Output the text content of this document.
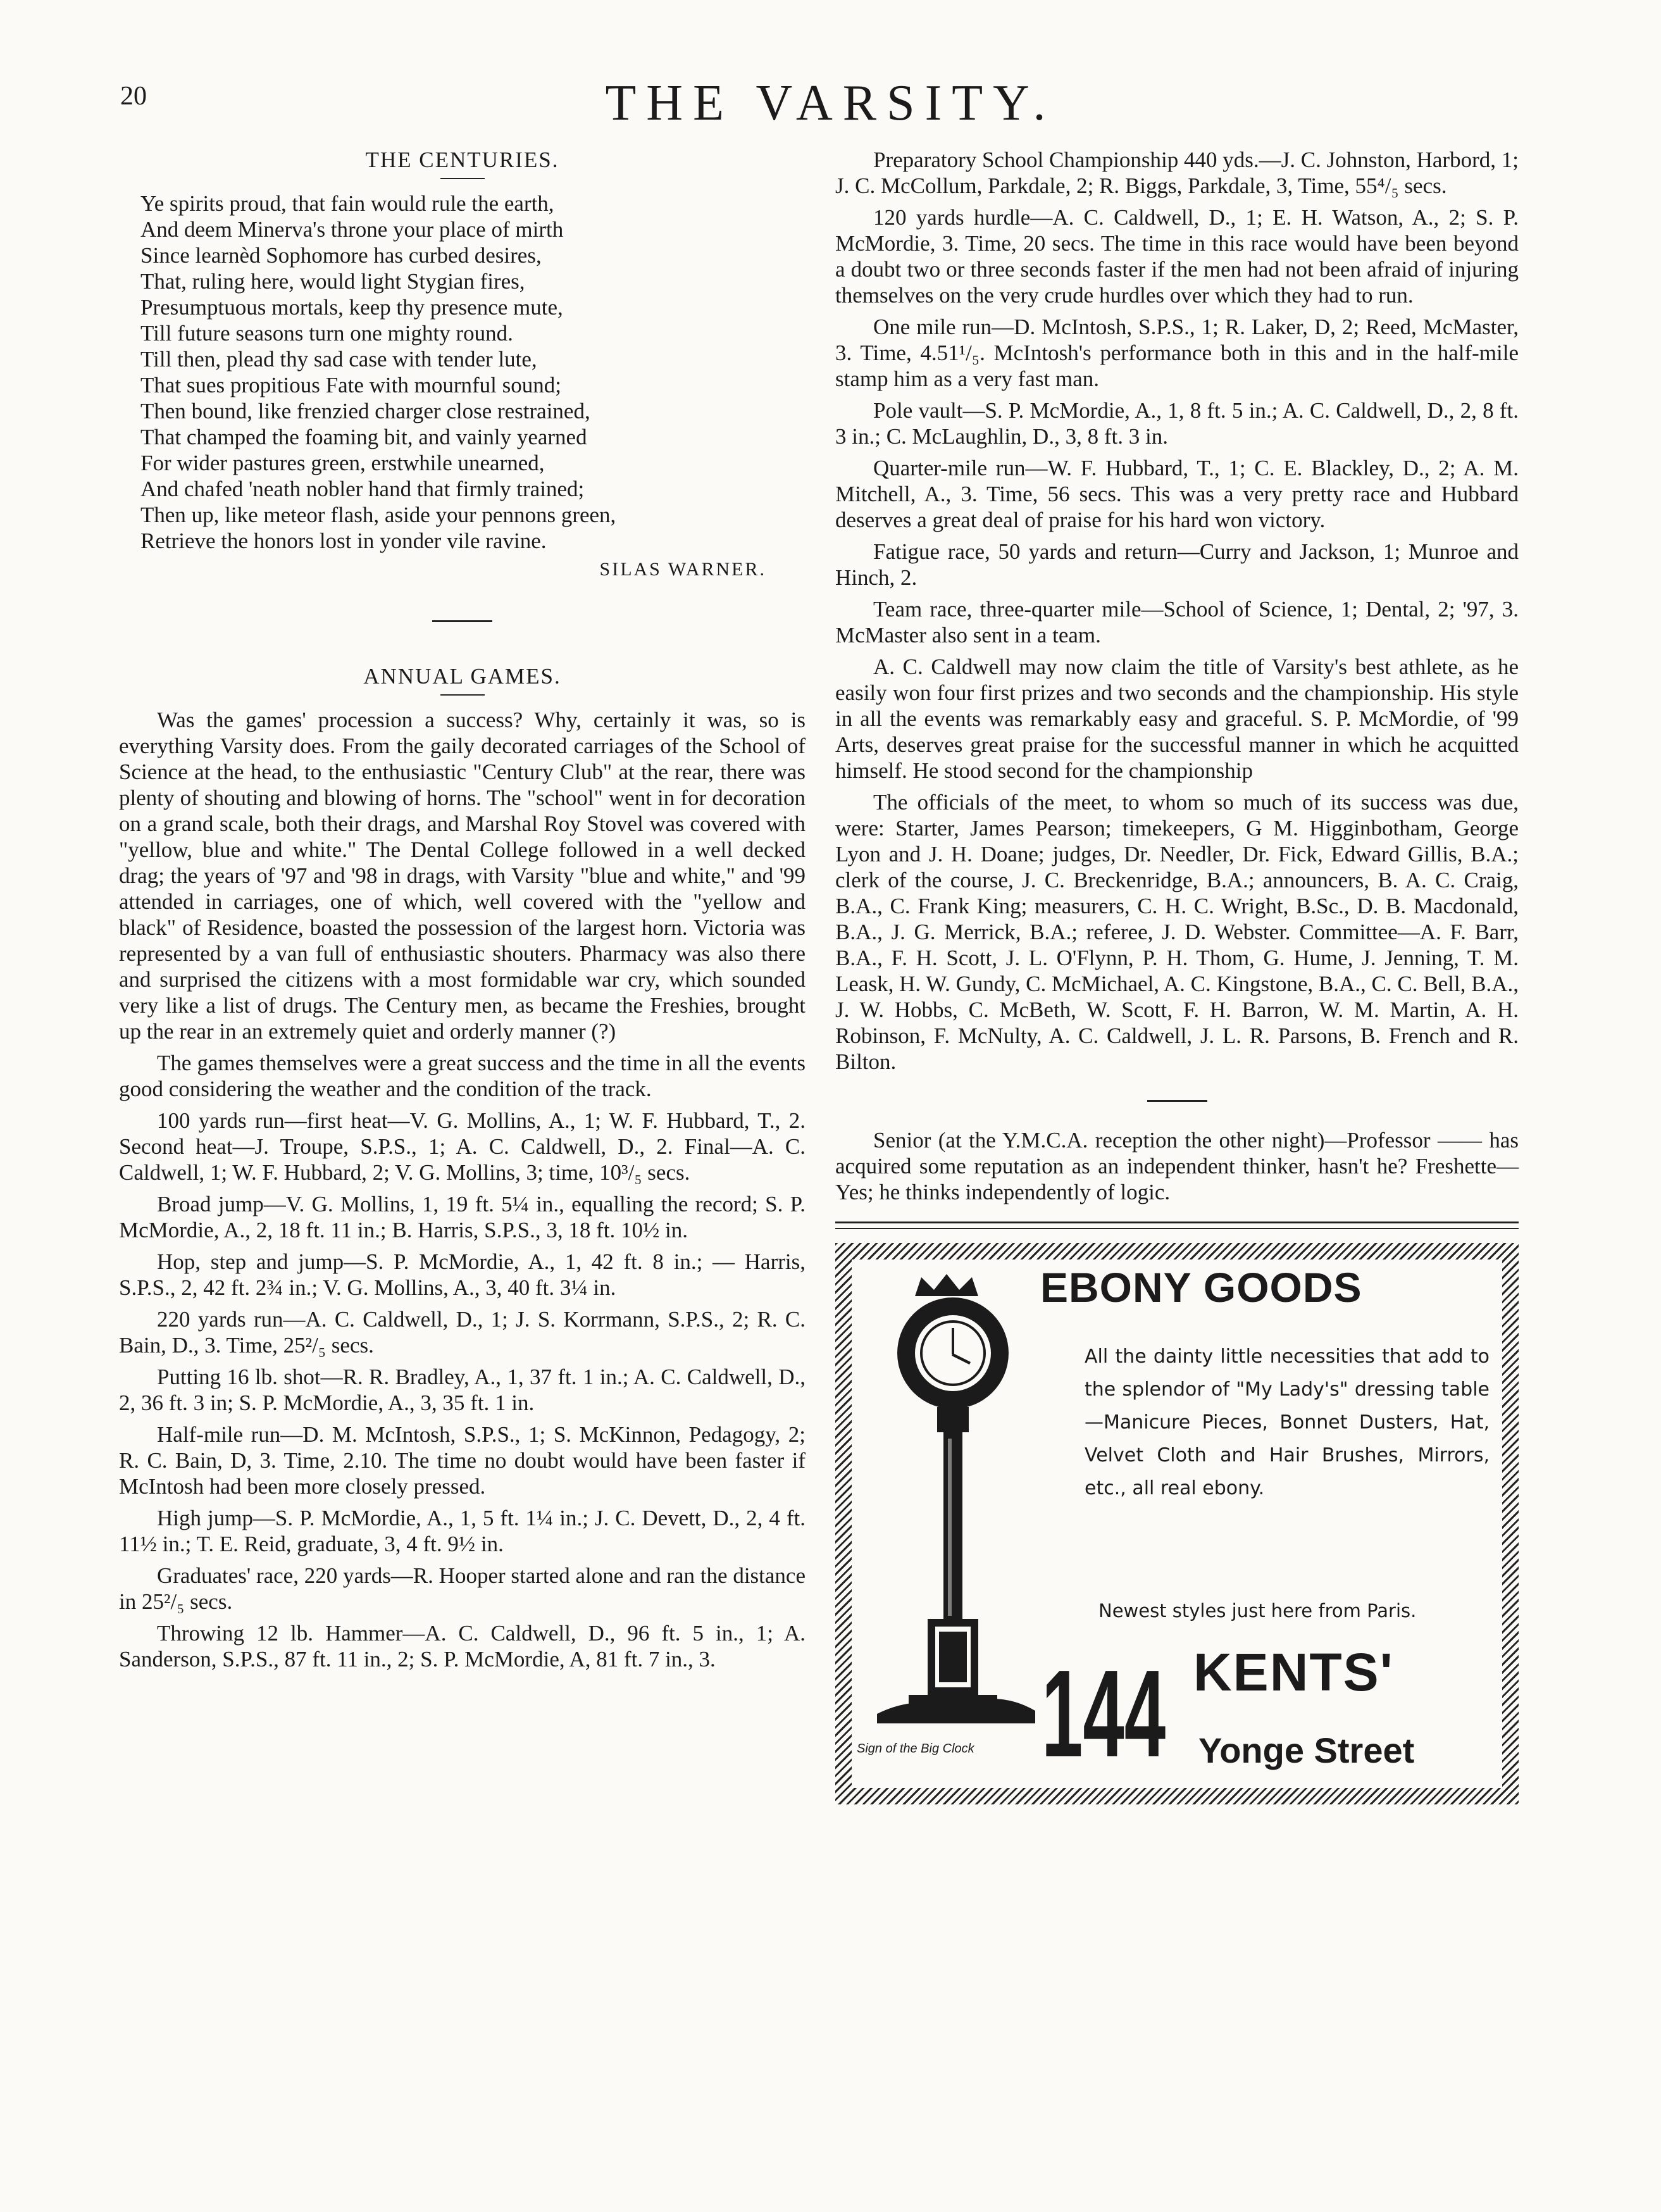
20	THE VARSITY.
THE CENTURIES.
Ye spirits proud, that fain would rule the earth,
And deem Minerva's throne your place of mirth
Since learnèd Sophomore has curbed desires,
That, ruling here, would light Stygian fires,
Presumptuous mortals, keep thy presence mute,
Till future seasons turn one mighty round.
Till then, plead thy sad case with tender lute,
That sues propitious Fate with mournful sound;
Then bound, like frenzied charger close restrained,
That champed the foaming bit, and vainly yearned
For wider pastures green, erstwhile unearned,
And chafed 'neath nobler hand that firmly trained;
Then up, like meteor flash, aside your pennons green,
Retrieve the honors lost in yonder vile ravine.
SILAS WARNER.
ANNUAL GAMES.

Was the games' procession a success? Why, certainly it was, so is everything Varsity does. From the gaily decorated carriages of the School of Science at the head, to the enthusiastic "Century Club" at the rear, there was plenty of shouting and blowing of horns. The "school" went in for decoration on a grand scale, both their drags, and Marshal Roy Stovel was covered with "yellow, blue and white." The Dental College followed in a well decked drag; the years of '97 and '98 in drags, with Varsity "blue and white," and '99 attended in carriages, one of which, well covered with the "yellow and black" of Residence, boasted the possession of the largest horn. Victoria was represented by a van full of enthusiastic shouters. Pharmacy was also there and surprised the citizens with a most formidable war cry, which sounded very like a list of drugs. The Century men, as became the Freshies, brought up the rear in an extremely quiet and orderly manner (?)

The games themselves were a great success and the time in all the events good considering the weather and the condition of the track.

100 yards run—first heat—V. G. Mollins, A., 1; W. F. Hubbard, T., 2. Second heat—J. Troupe, S.P.S., 1; A. C. Caldwell, D., 2. Final—A. C. Caldwell, 1; W. F. Hubbard, 2; V. G. Mollins, 3; time, 10³/₅ secs.

Broad jump—V. G. Mollins, 1, 19 ft. 5¼ in., equalling the record; S. P. McMordie, A., 2, 18 ft. 11 in.; B. Harris, S.P.S., 3, 18 ft. 10½ in.

Hop, step and jump—S. P. McMordie, A., 1, 42 ft. 8 in.; — Harris, S.P.S., 2, 42 ft. 2¾ in.; V. G. Mollins, A., 3, 40 ft. 3¼ in.

220 yards run—A. C. Caldwell, D., 1; J. S. Korrmann, S.P.S., 2; R. C. Bain, D., 3. Time, 25²/₅ secs.

Putting 16 lb. shot—R. R. Bradley, A., 1, 37 ft. 1 in.; A. C. Caldwell, D., 2, 36 ft. 3 in; S. P. McMordie, A., 3, 35 ft. 1 in.

Half-mile run—D. M. McIntosh, S.P.S., 1; S. McKinnon, Pedagogy, 2; R. C. Bain, D, 3. Time, 2.10. The time no doubt would have been faster if McIntosh had been more closely pressed.

High jump—S. P. McMordie, A., 1, 5 ft. 1¼ in.; J. C. Devett, D., 2, 4 ft. 11½ in.; T. E. Reid, graduate, 3, 4 ft. 9½ in.

Graduates' race, 220 yards—R. Hooper started alone and ran the distance in 25²/₅ secs.

Throwing 12 lb. Hammer—A. C. Caldwell, D., 96 ft. 5 in., 1; A. Sanderson, S.P.S., 87 ft. 11 in., 2; S. P. McMordie, A, 81 ft. 7 in., 3.

Preparatory School Championship 440 yds.—J. C. Johnston, Harbord, 1; J. C. McCollum, Parkdale, 2; R. Biggs, Parkdale, 3, Time, 55⁴/₅ secs.

120 yards hurdle—A. C. Caldwell, D., 1; E. H. Watson, A., 2; S. P. McMordie, 3. Time, 20 secs. The time in this race would have been beyond a doubt two or three seconds faster if the men had not been afraid of injuring themselves on the very crude hurdles over which they had to run.

One mile run—D. McIntosh, S.P.S., 1; R. Laker, D, 2; Reed, McMaster, 3. Time, 4.51¹/₅. McIntosh's performance both in this and in the half-mile stamp him as a very fast man.

Pole vault—S. P. McMordie, A., 1, 8 ft. 5 in.; A. C. Caldwell, D., 2, 8 ft. 3 in.; C. McLaughlin, D., 3, 8 ft. 3 in.

Quarter-mile run—W. F. Hubbard, T., 1; C. E. Blackley, D., 2; A. M. Mitchell, A., 3. Time, 56 secs. This was a very pretty race and Hubbard deserves a great deal of praise for his hard won victory.

Fatigue race, 50 yards and return—Curry and Jackson, 1; Munroe and Hinch, 2.

Team race, three-quarter mile—School of Science, 1; Dental, 2; '97, 3. McMaster also sent in a team.

A. C. Caldwell may now claim the title of Varsity's best athlete, as he easily won four first prizes and two seconds and the championship. His style in all the events was remarkably easy and graceful. S. P. McMordie, of '99 Arts, deserves great praise for the successful manner in which he acquitted himself. He stood second for the championship

The officials of the meet, to whom so much of its success was due, were: Starter, James Pearson; timekeepers, G M. Higginbotham, George Lyon and J. H. Doane; judges, Dr. Needler, Dr. Fick, Edward Gillis, B.A.; clerk of the course, J. C. Breckenridge, B.A.; announcers, B. A. C. Craig, B.A., C. Frank King; measurers, C. H. C. Wright, B.Sc., D. B. Macdonald, B.A., J. G. Merrick, B.A.; referee, J. D. Webster. Committee—A. F. Barr, B.A., F. H. Scott, J. L. O'Flynn, P. H. Thom, G. Hume, J. Jenning, T. M. Leask, H. W. Gundy, C. McMichael, A. C. Kingstone, B.A., C. C. Bell, B.A., J. W. Hobbs, C. McBeth, W. Scott, F. H. Barron, W. M. Martin, A. H. Robinson, F. McNulty, A. C. Caldwell, J. L. R. Parsons, B. French and R. Bilton.

Senior (at the Y.M.C.A. reception the other night)—Professor —— has acquired some reputation as an independent thinker, hasn't he? Freshette—Yes; he thinks independently of logic.

Sign of the Big Clock
EBONY GOODS
All the dainty little necessities that add to the splendor of "My Lady's" dressing table—Manicure Pieces, Bonnet Dusters, Hat, Velvet Cloth and Hair Brushes, Mirrors, etc., all real ebony.
Newest styles just here from Paris.
144 KENTS'
Yonge Street
